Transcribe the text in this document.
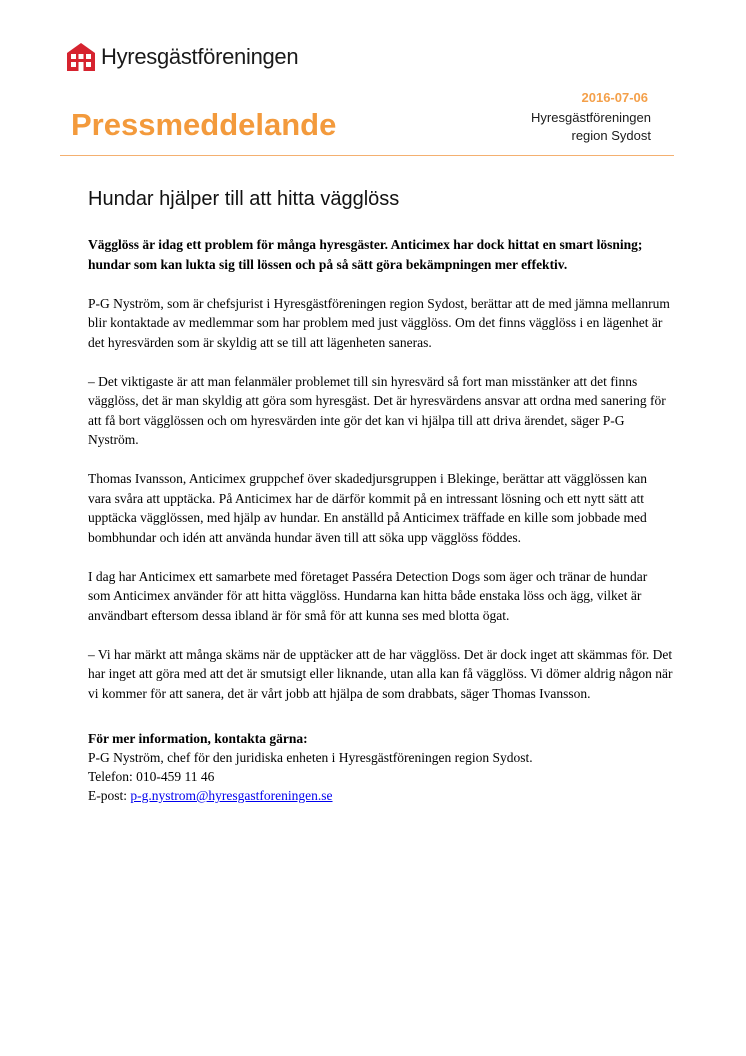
Hyresgästföreningen
2016-07-06
Pressmeddelande	Hyresgästföreningen
region Sydost
Hundar hjälper till att hitta vägglöss

Vägglöss är idag ett problem för många hyresgäster. Anticimex har dock hittat en smart lösning; hundar som kan lukta sig till lössen och på så sätt göra bekämpningen mer effektiv.

P-G Nyström, som är chefsjurist i Hyresgästföreningen region Sydost, berättar att de med jämna mellanrum blir kontaktade av medlemmar som har problem med just vägglöss. Om det finns vägglöss i en lägenhet är det hyresvärden som är skyldig att se till att lägenheten saneras.

– Det viktigaste är att man felanmäler problemet till sin hyresvärd så fort man misstänker att det finns vägglöss, det är man skyldig att göra som hyresgäst. Det är hyresvärdens ansvar att ordna med sanering för att få bort vägglössen och om hyresvärden inte gör det kan vi hjälpa till att driva ärendet, säger P-G Nyström.

Thomas Ivansson, Anticimex gruppchef över skadedjursgruppen i Blekinge, berättar att vägglössen kan vara svåra att upptäcka. På Anticimex har de därför kommit på en intressant lösning och ett nytt sätt att upptäcka vägglössen, med hjälp av hundar. En anställd på Anticimex träffade en kille som jobbade med bombhundar och idén att använda hundar även till att söka upp vägglöss föddes.

I dag har Anticimex ett samarbete med företaget Passéra Detection Dogs som äger och tränar de hundar som Anticimex använder för att hitta vägglöss. Hundarna kan hitta både enstaka löss och ägg, vilket är användbart eftersom dessa ibland är för små för att kunna ses med blotta ögat.

– Vi har märkt att många skäms när de upptäcker att de har vägglöss. Det är dock inget att skämmas för. Det har inget att göra med att det är smutsigt eller liknande, utan alla kan få vägglöss. Vi dömer aldrig någon när vi kommer för att sanera, det är vårt jobb att hjälpa de som drabbats, säger Thomas Ivansson.

För mer information, kontakta gärna:
P-G Nyström, chef för den juridiska enheten i Hyresgästföreningen region Sydost.
Telefon: 010-459 11 46
E-post: p-g.nystrom@hyresgastforeningen.se
